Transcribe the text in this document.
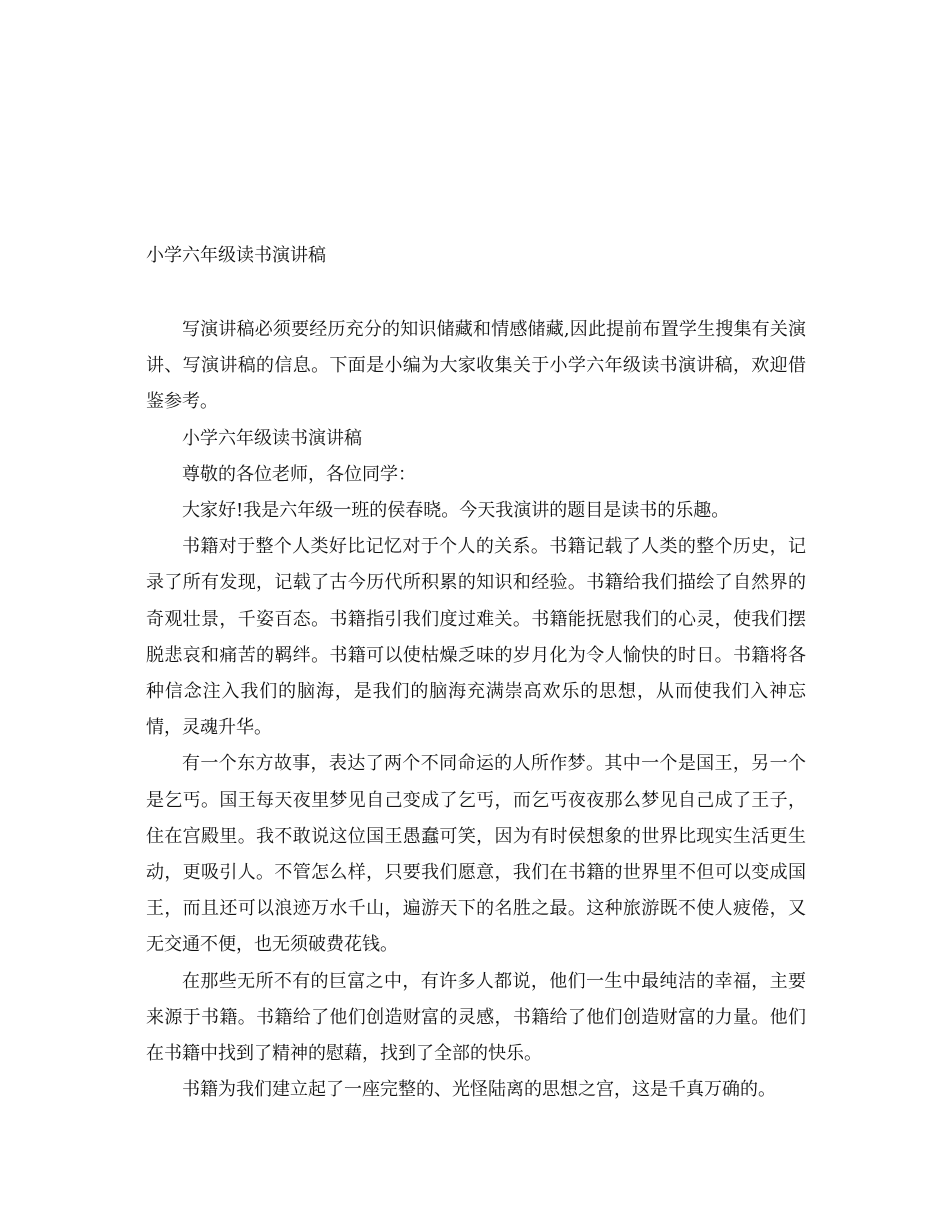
小学六年级读书演讲稿

写演讲稿必须要经历充分的知识储藏和情感储藏,因此提前布置学生搜集有关演讲、写演讲稿的信息。下面是小编为大家收集关于小学六年级读书演讲稿，欢迎借鉴参考。

小学六年级读书演讲稿

尊敬的各位老师，各位同学：

大家好!我是六年级一班的侯春晓。今天我演讲的题目是读书的乐趣。

书籍对于整个人类好比记忆对于个人的关系。书籍记载了人类的整个历史，记录了所有发现，记载了古今历代所积累的知识和经验。书籍给我们描绘了自然界的奇观壮景，千姿百态。书籍指引我们度过难关。书籍能抚慰我们的心灵，使我们摆脱悲哀和痛苦的羁绊。书籍可以使枯燥乏味的岁月化为令人愉快的时日。书籍将各种信念注入我们的脑海，是我们的脑海充满崇高欢乐的思想，从而使我们入神忘情，灵魂升华。

有一个东方故事，表达了两个不同命运的人所作梦。其中一个是国王，另一个是乞丐。国王每天夜里梦见自己变成了乞丐，而乞丐夜夜那么梦见自己成了王子，住在宫殿里。我不敢说这位国王愚蠢可笑，因为有时侯想象的世界比现实生活更生动，更吸引人。不管怎么样，只要我们愿意，我们在书籍的世界里不但可以变成国王，而且还可以浪迹万水千山，遍游天下的名胜之最。这种旅游既不使人疲倦，又无交通不便，也无须破费花钱。

在那些无所不有的巨富之中，有许多人都说，他们一生中最纯洁的幸福，主要来源于书籍。书籍给了他们创造财富的灵感，书籍给了他们创造财富的力量。他们在书籍中找到了精神的慰藉，找到了全部的快乐。

书籍为我们建立起了一座完整的、光怪陆离的思想之宫，这是千真万确的。
